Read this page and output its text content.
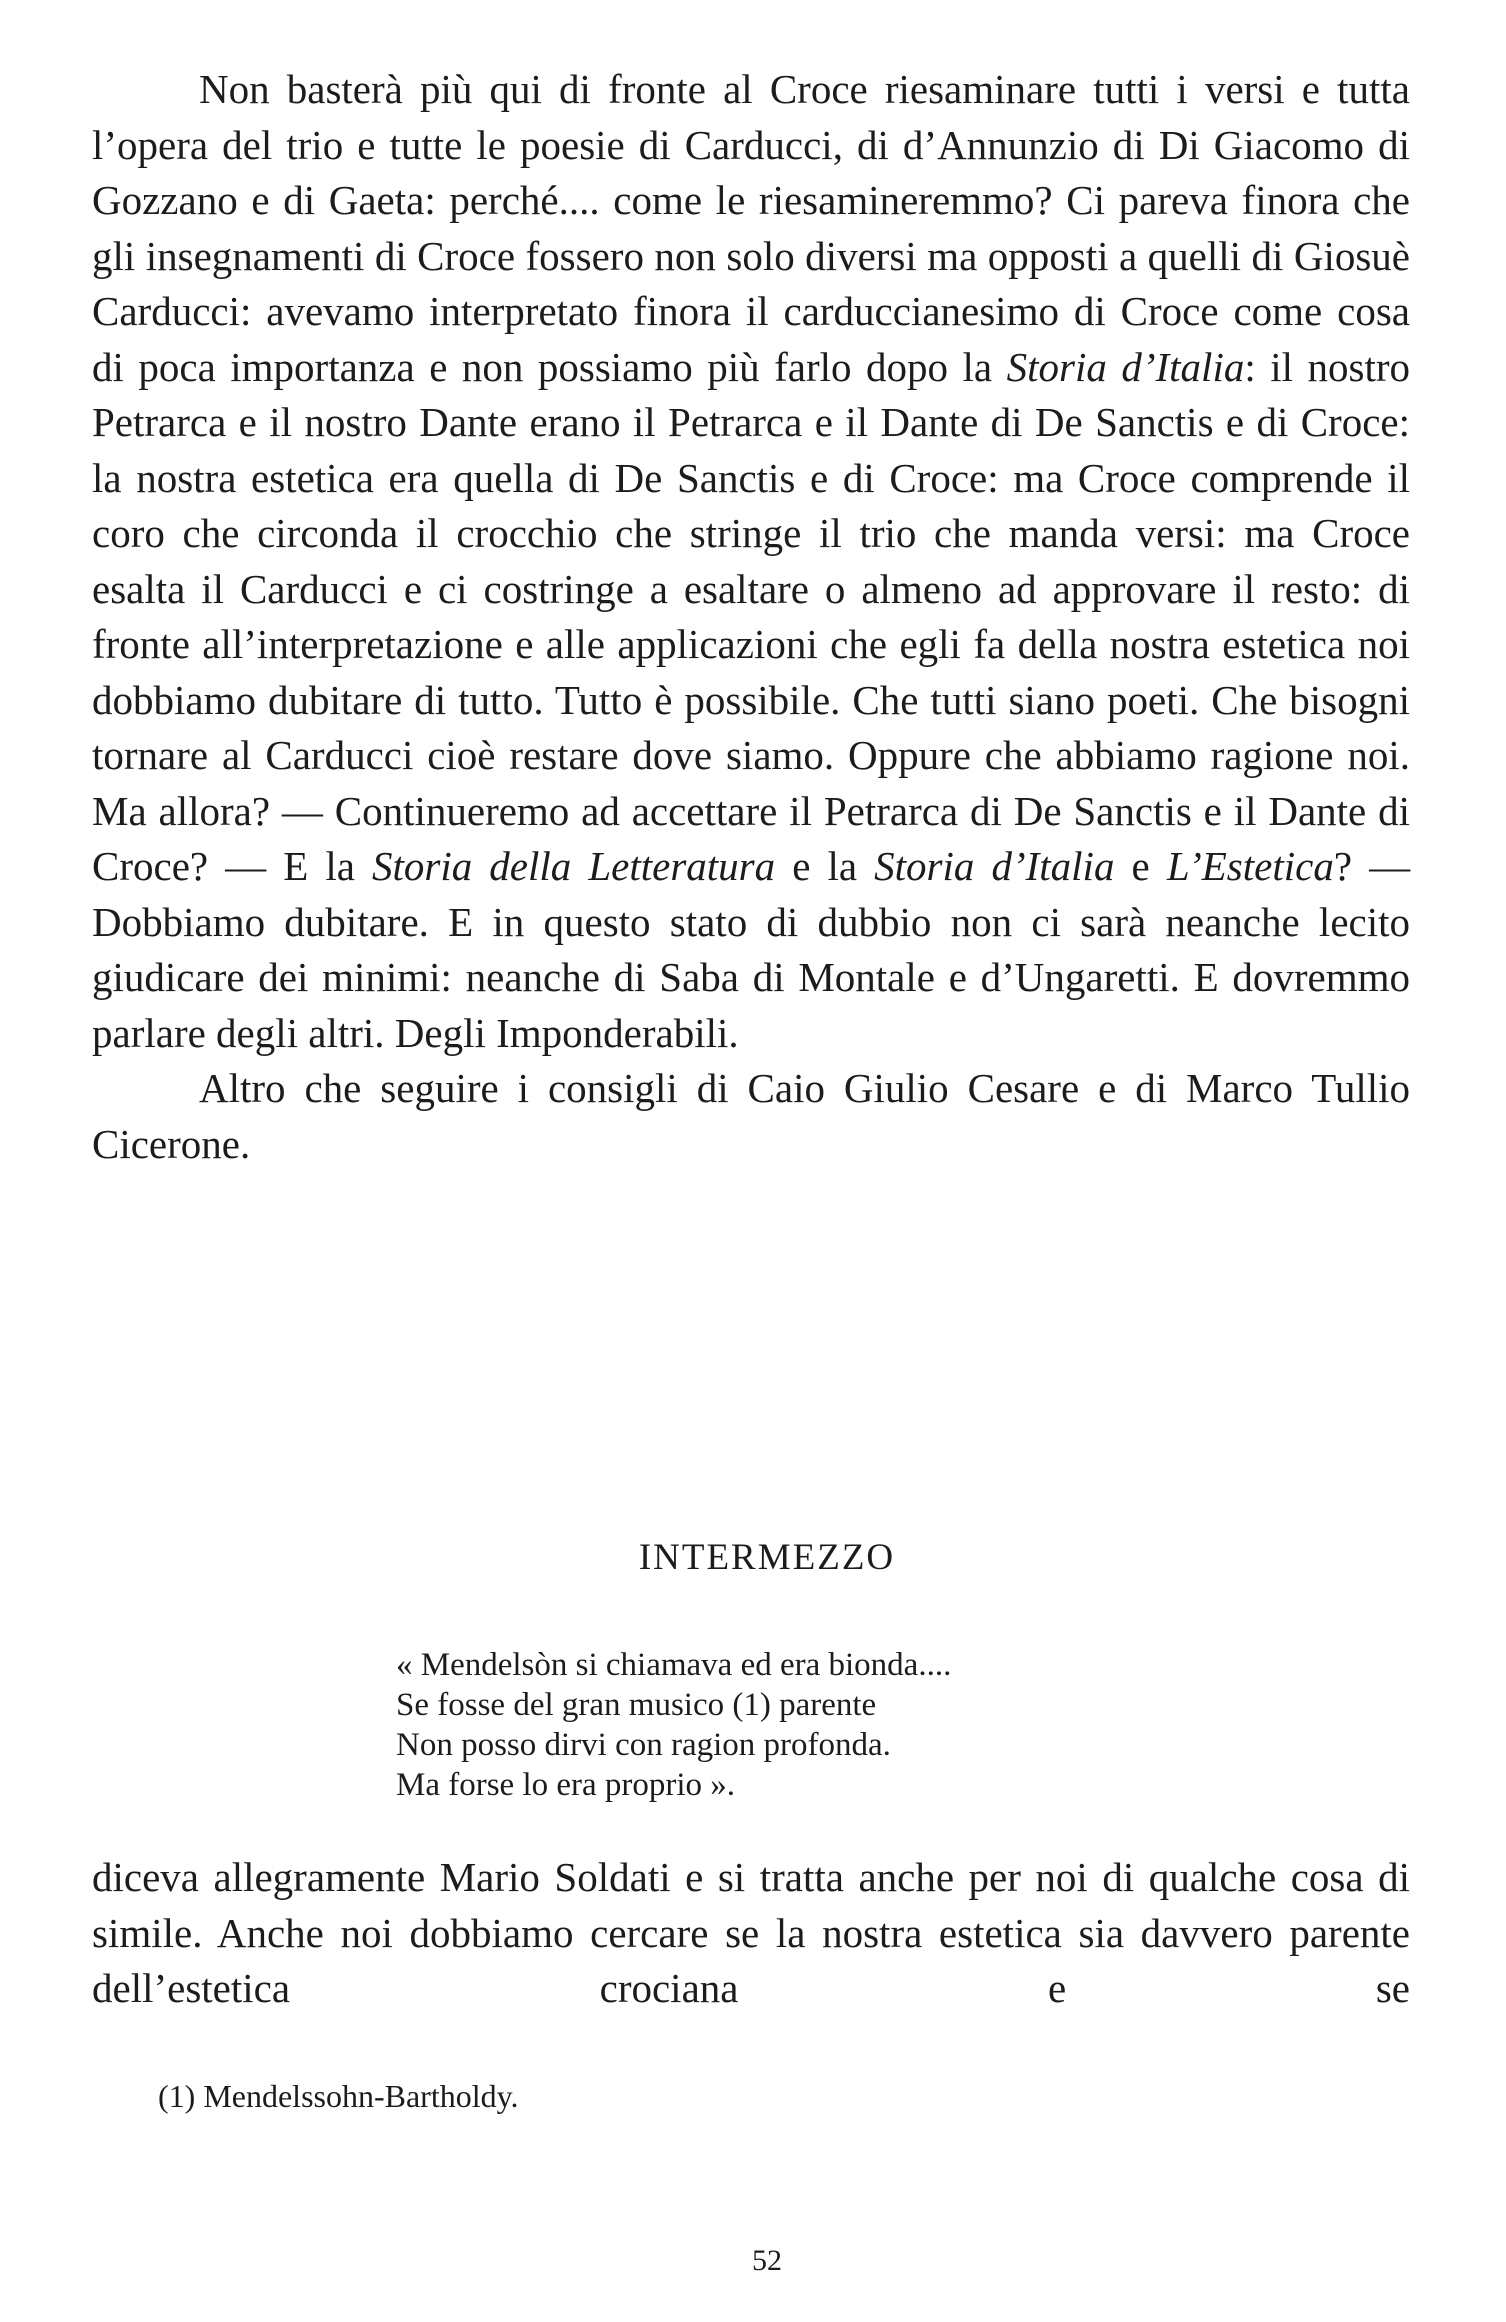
Non basterà più qui di fronte al Croce riesaminare tutti i versi e tutta l’opera del trio e tutte le poesie di Carducci, di d’Annunzio di Di Giacomo di Gozzano e di Gaeta: perché.... come le riesamineremmo? Ci pareva finora che gli insegnamenti di Croce fossero non solo diversi ma opposti a quelli di Giosuè Carducci: avevamo interpretato finora il carduccianesimo di Croce come cosa di poca importanza e non possiamo più farlo dopo la Storia d’Italia: il nostro Petrarca e il nostro Dante erano il Petrarca e il Dante di De Sanctis e di Croce: la nostra estetica era quella di De Sanctis e di Croce: ma Croce comprende il coro che circonda il crocchio che stringe il trio che manda versi: ma Croce esalta il Carducci e ci costringe a esaltare o almeno ad approvare il resto: di fronte all’interpretazione e alle applicazioni che egli fa della nostra estetica noi dobbiamo dubitare di tutto. Tutto è possibile. Che tutti siano poeti. Che bisogni tornare al Carducci cioè restare dove siamo. Oppure che abbiamo ragione noi. Ma allora? — Continueremo ad accettare il Petrarca di De Sanctis e il Dante di Croce? — E la Storia della Letteratura e la Storia d’Italia e L’Estetica? — Dobbiamo dubitare. E in questo stato di dubbio non ci sarà neanche lecito giudicare dei minimi: neanche di Saba di Montale e d’Ungaretti. E dovremmo parlare degli altri. Degli Imponderabili.

Altro che seguire i consigli di Caio Giulio Cesare e di Marco Tullio Cicerone.

INTERMEZZO
« Mendelsòn si chiamava ed era bionda....
Se fosse del gran musico (1) parente
Non posso dirvi con ragion profonda.
Ma forse lo era proprio ».
diceva allegramente Mario Soldati e si tratta anche per noi di qualche cosa di simile. Anche noi dobbiamo cercare se la nostra estetica sia davvero parente dell’estetica crociana e se
(1) Mendelssohn-Bartholdy.
52
